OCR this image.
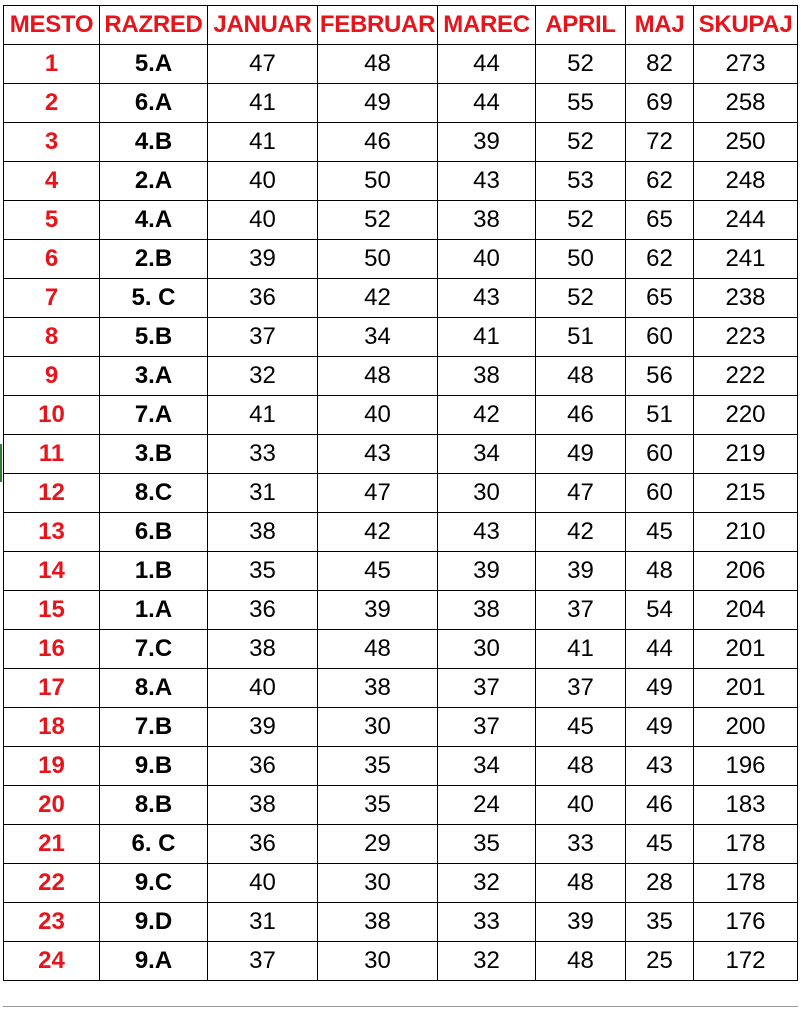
MESTO	RAZRED	JANUAR	FEBRUAR	MAREC	APRIL	MAJ	SKUPAJ
1	5.A	47	48	44	52	82	273
2	6.A	41	49	44	55	69	258
3	4.B	41	46	39	52	72	250
4	2.A	40	50	43	53	62	248
5	4.A	40	52	38	52	65	244
6	2.B	39	50	40	50	62	241
7	5. C	36	42	43	52	65	238
8	5.B	37	34	41	51	60	223
9	3.A	32	48	38	48	56	222
10	7.A	41	40	42	46	51	220
11	3.B	33	43	34	49	60	219
12	8.C	31	47	30	47	60	215
13	6.B	38	42	43	42	45	210
14	1.B	35	45	39	39	48	206
15	1.A	36	39	38	37	54	204
16	7.C	38	48	30	41	44	201
17	8.A	40	38	37	37	49	201
18	7.B	39	30	37	45	49	200
19	9.B	36	35	34	48	43	196
20	8.B	38	35	24	40	46	183
21	6. C	36	29	35	33	45	178
22	9.C	40	30	32	48	28	178
23	9.D	31	38	33	39	35	176
24	9.A	37	30	32	48	25	172
